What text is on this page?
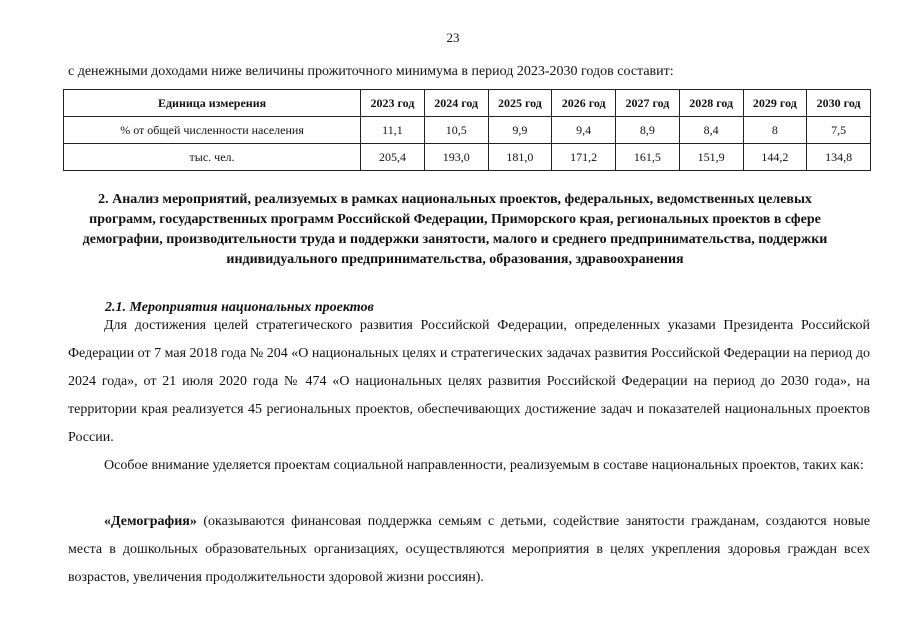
23
с денежными доходами ниже величины прожиточного минимума в период 2023-2030 годов составит:
Единица измерения	2023 год	2024 год	2025 год	2026 год	2027 год	2028 год	2029 год	2030 год
% от общей численности населения	11,1	10,5	9,9	9,4	8,9	8,4	8	7,5
тыс. чел.	205,4	193,0	181,0	171,2	161,5	151,9	144,2	134,8
2. Анализ мероприятий, реализуемых в рамках национальных проектов, федеральных, ведомственных целевых программ, государственных программ Российской Федерации, Приморского края, региональных проектов в сфере демографии, производительности труда и поддержки занятости, малого и среднего предпринимательства, поддержки индивидуального предпринимательства, образования, здравоохранения
2.1. Мероприятия национальных проектов

Для достижения целей стратегического развития Российской Федерации, определенных указами Президента Российской Федерации от 7 мая 2018 года № 204 «О национальных целях и стратегических задачах развития Российской Федерации на период до 2024 года», от 21 июля 2020 года № 474 «О национальных целях развития Российской Федерации на период до 2030 года», на территории края реализуется 45 региональных проектов, обеспечивающих достижение задач и показателей национальных проектов России.

Особое внимание уделяется проектам социальной направленности, реализуемым в составе национальных проектов, таких как:

«Демография» (оказываются финансовая поддержка семьям с детьми, содействие занятости гражданам, создаются новые места в дошкольных образовательных организациях, осуществляются мероприятия в целях укрепления здоровья граждан всех возрастов, увеличения продолжительности здоровой жизни россиян).
